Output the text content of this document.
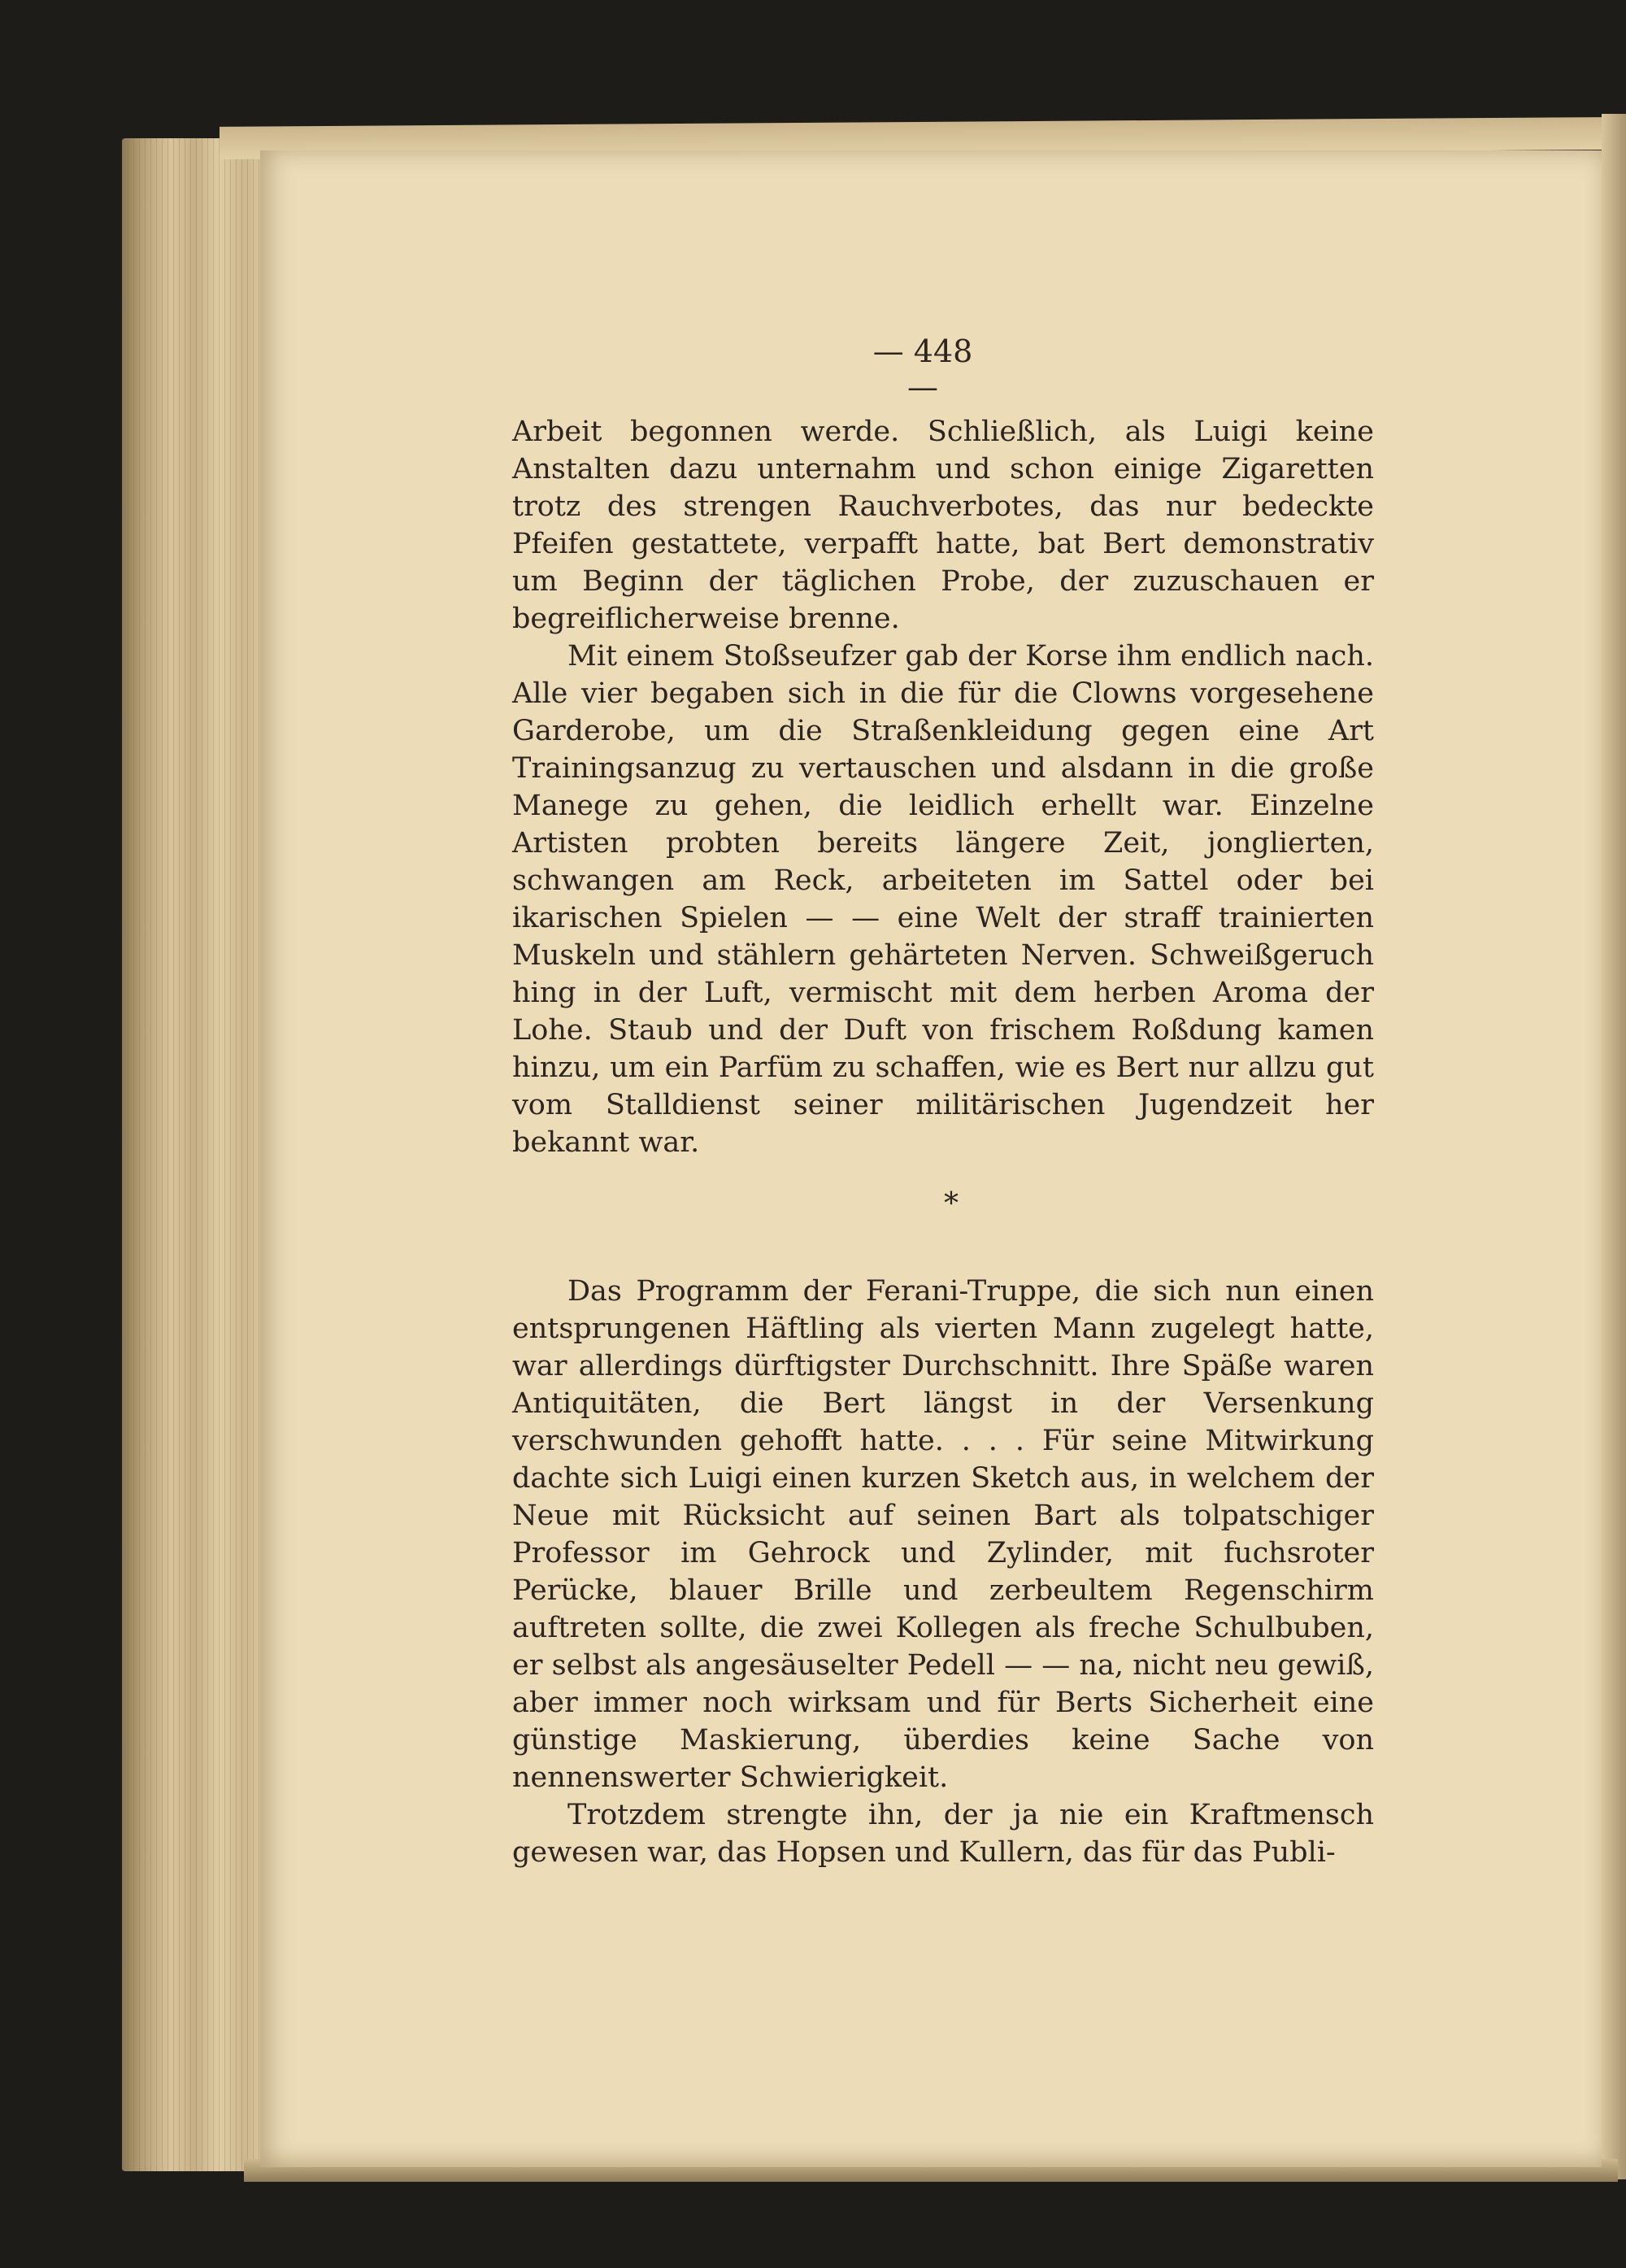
— 448 —

Arbeit begonnen werde. Schließlich, als Luigi keine Anstalten dazu unternahm und schon einige Zigaretten trotz des strengen Rauchverbotes, das nur bedeckte Pfeifen gestattete, verpafft hatte, bat Bert demonstrativ um Beginn der täglichen Probe, der zuzuschauen er begreiflicherweise brenne.

Mit einem Stoßseufzer gab der Korse ihm endlich nach. Alle vier begaben sich in die für die Clowns vorgesehene Garderobe, um die Straßenkleidung gegen eine Art Trainingsanzug zu vertauschen und alsdann in die große Manege zu gehen, die leidlich erhellt war. Einzelne Artisten probten bereits längere Zeit, jonglierten, schwangen am Reck, arbeiteten im Sattel oder bei ikarischen Spielen — — eine Welt der straff trainierten Muskeln und stählern gehärteten Nerven. Schweißgeruch hing in der Luft, vermischt mit dem herben Aroma der Lohe. Staub und der Duft von frischem Roßdung kamen hinzu, um ein Parfüm zu schaffen, wie es Bert nur allzu gut vom Stalldienst seiner militärischen Jugendzeit her bekannt war.

*

Das Programm der Ferani-Truppe, die sich nun einen entsprungenen Häftling als vierten Mann zugelegt hatte, war allerdings dürftigster Durchschnitt. Ihre Späße waren Antiquitäten, die Bert längst in der Versenkung verschwunden gehofft hatte. . . . Für seine Mitwirkung dachte sich Luigi einen kurzen Sketch aus, in welchem der Neue mit Rücksicht auf seinen Bart als tolpatschiger Professor im Gehrock und Zylinder, mit fuchsroter Perücke, blauer Brille und zerbeultem Regenschirm auftreten sollte, die zwei Kollegen als freche Schulbuben, er selbst als angesäuselter Pedell — — na, nicht neu gewiß, aber immer noch wirksam und für Berts Sicherheit eine günstige Maskierung, überdies keine Sache von nennenswerter Schwierigkeit.

Trotzdem strengte ihn, der ja nie ein Kraftmensch gewesen war, das Hopsen und Kullern, das für das Publi-
